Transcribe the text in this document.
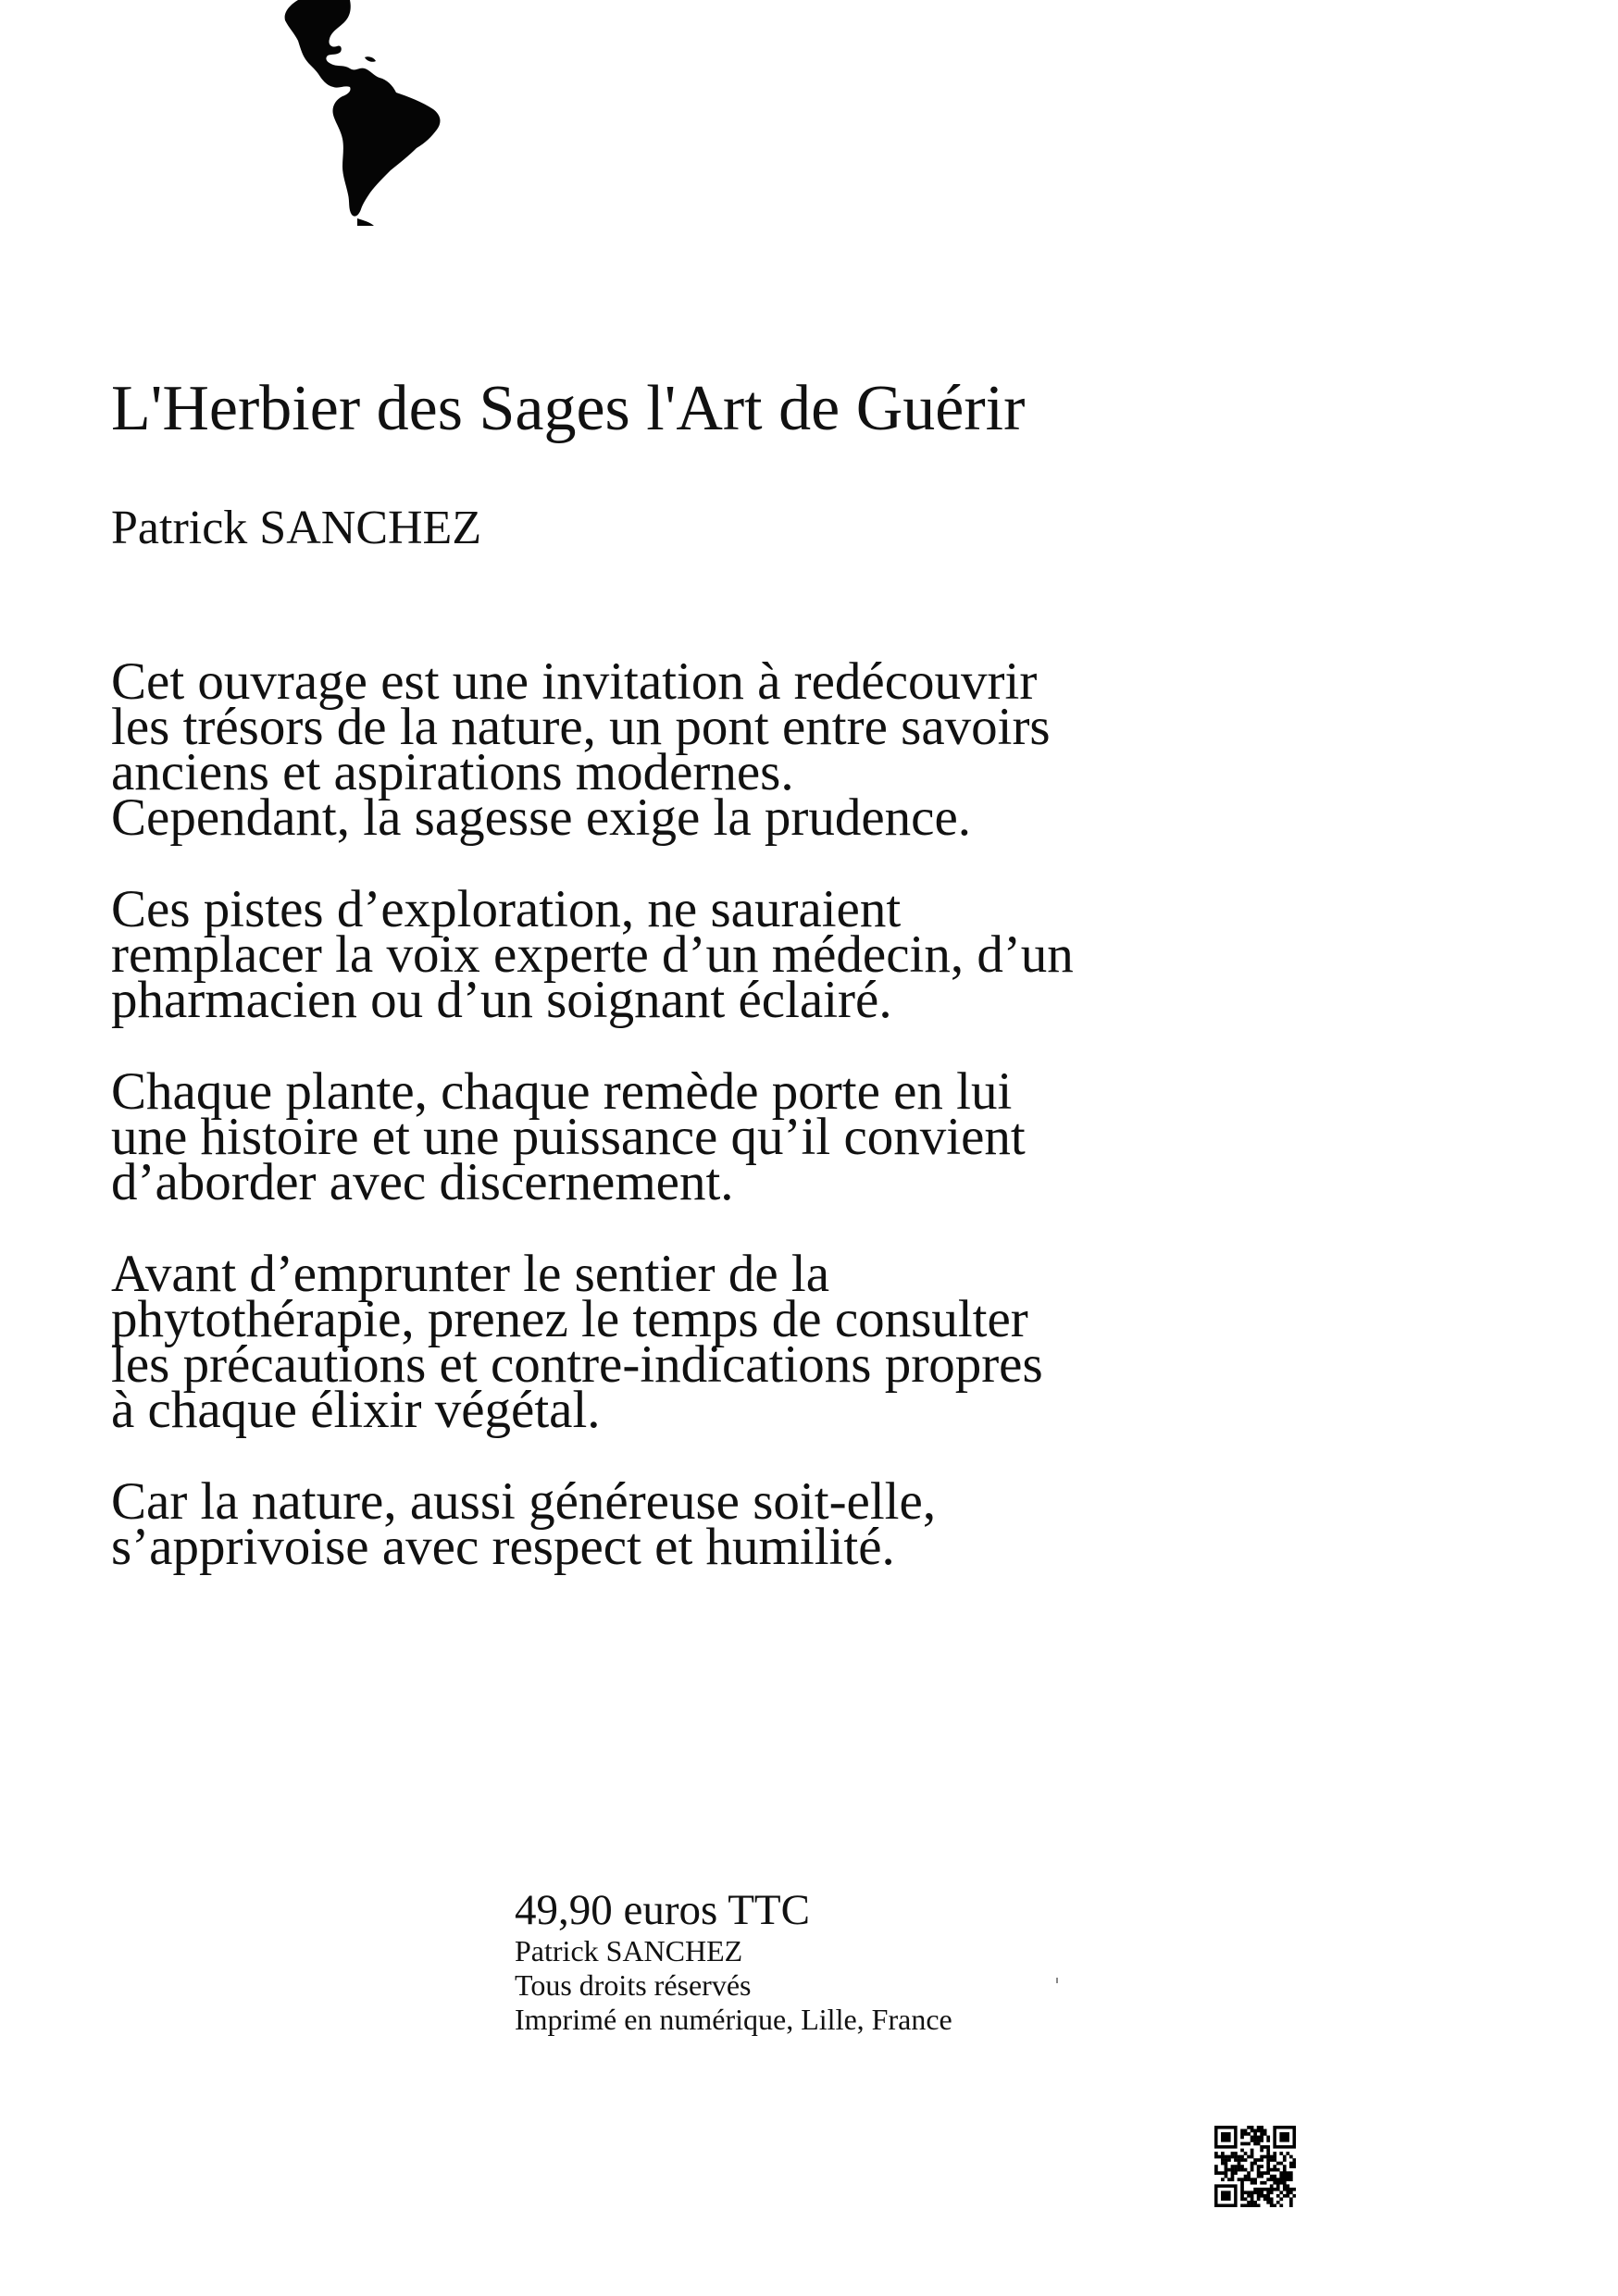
L'Herbier des Sages l'Art de Guérir

Patrick SANCHEZ

Cet ouvrage est une invitation à redécouvrir
les trésors de la nature, un pont entre savoirs
anciens et aspirations modernes.
Cependant, la sagesse exige la prudence.

Ces pistes d’exploration, ne sauraient
remplacer la voix experte d’un médecin, d’un
pharmacien ou d’un soignant éclairé.

Chaque plante, chaque remède porte en lui
une histoire et une puissance qu’il convient
d’aborder avec discernement.

Avant d’emprunter le sentier de la
phytothérapie, prenez le temps de consulter
les précautions et contre-indications propres
à chaque élixir végétal.

Car la nature, aussi généreuse soit-elle,
s’apprivoise avec respect et humilité.

49,90 euros TTC

Patrick SANCHEZ

Tous droits réservés

Imprimé en numérique, Lille, France
